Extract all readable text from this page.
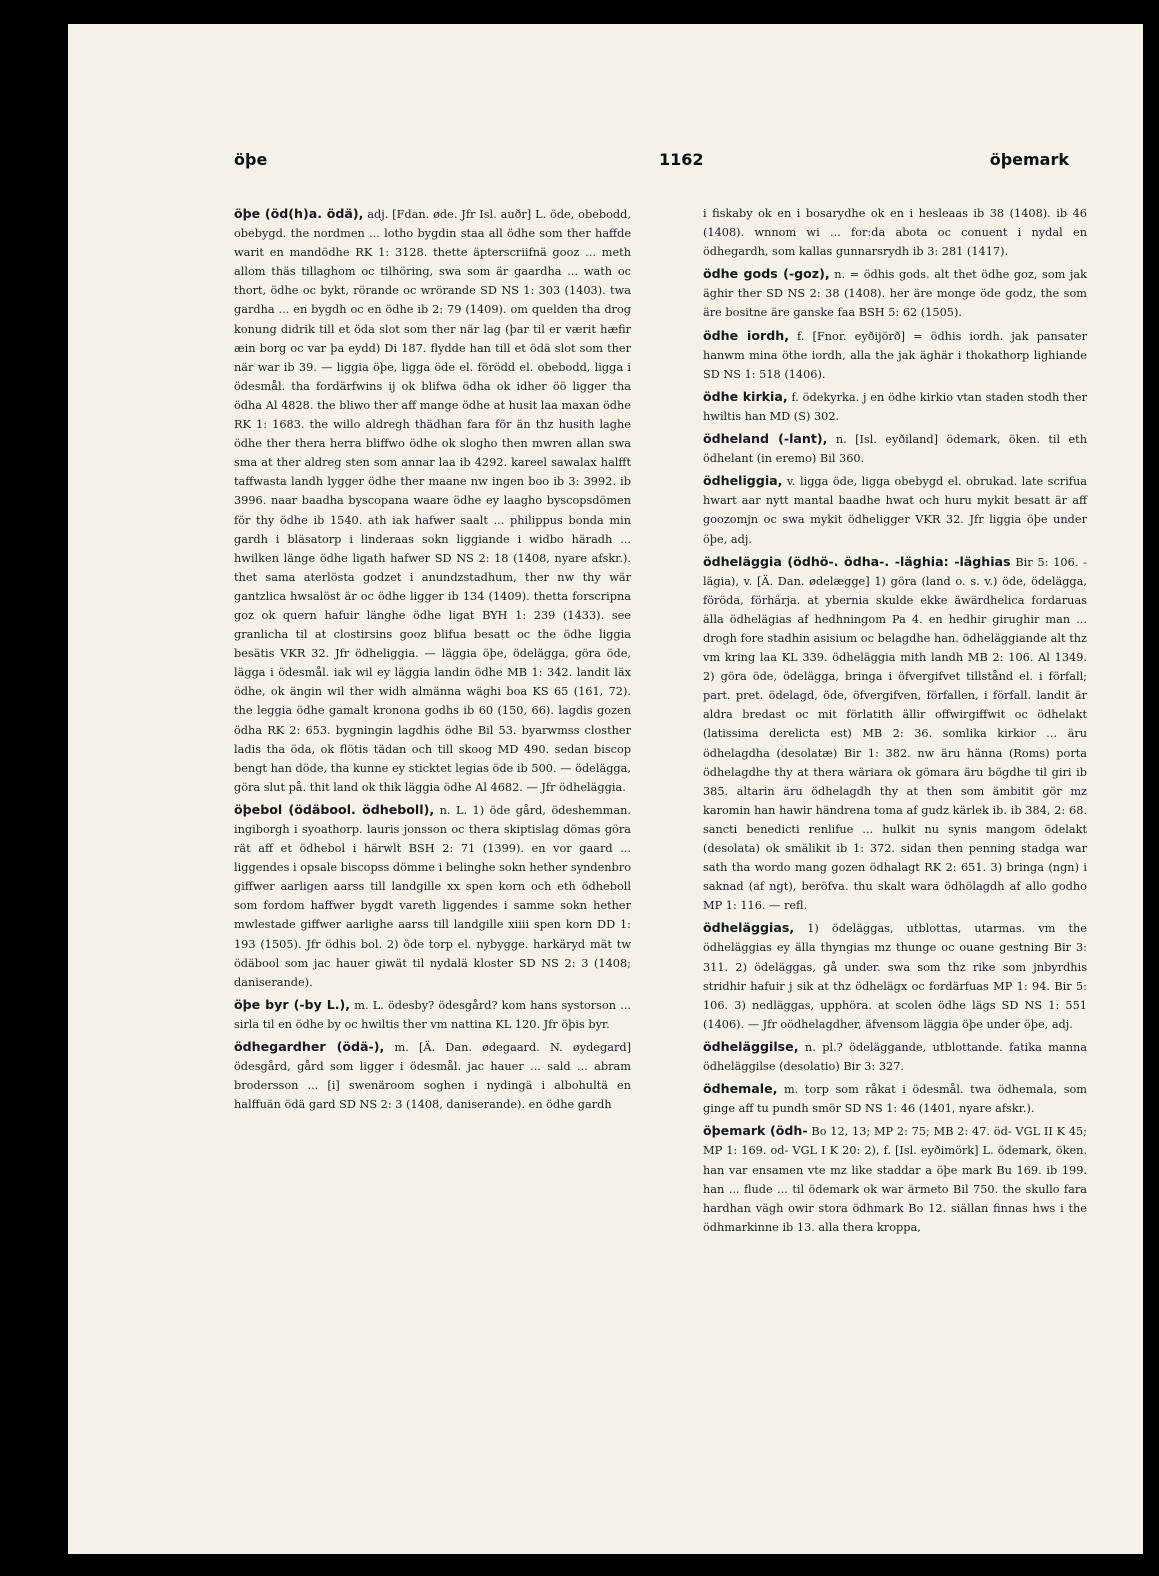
öþe	1162	öþemark

öþe (öd(h)a. ödä), adj. [Fdan. øde. Jfr Isl. auðr] L. öde, obebodd, obebygd. the nordmen ... lotho bygdin staa all ödhe som ther haffde warit en mandödhe RK 1: 3128. thette äpterscriifnä gooz ... meth allom thäs tillaghom oc tilhöring, swa som är gaardha ... wath oc thort, ödhe oc bykt, rörande oc wrörande SD NS 1: 303 (1403). twa gardha ... en bygdh oc en ödhe ib 2: 79 (1409). om quelden tha drog konung didrik till et öda slot som ther när lag (þar til er værit hæfir æin borg oc var þa eydd) Di 187. flydde han till et ödä slot som ther när war ib 39. — liggia öþe, ligga öde el. förödd el. obebodd, ligga i ödesmål. tha fordärfwins ij ok blifwa ödha ok idher öö ligger tha ödha Al 4828. the bliwo ther aff mange ödhe at husit laa maxan ödhe RK 1: 1683. the willo aldregh thädhan fara för än thz husith laghe ödhe ther thera herra bliffwo ödhe ok slogho then mwren allan swa sma at ther aldreg sten som annar laa ib 4292. kareel sawalax halfft taffwasta landh lygger ödhe ther maane nw ingen boo ib 3: 3992. ib 3996. naar baadha byscopana waare ödhe ey laagho byscopsdömen för thy ödhe ib 1540. ath iak hafwer saalt ... philippus bonda min gardh i bläsatorp i linderaas sokn liggiande i widbo häradh ... hwilken länge ödhe ligath hafwer SD NS 2: 18 (1408, nyare afskr.). thet sama aterlösta godzet i anundzstadhum, ther nw thy wär gantzlica hwsalöst är oc ödhe ligger ib 134 (1409). thetta forscripna goz ok quern hafuir länghe ödhe ligat BYH 1: 239 (1433). see granlicha til at clostirsins gooz blifua besatt oc the ödhe liggia besätis VKR 32. Jfr ödheliggia. — läggia öþe, ödelägga, göra öde, lägga i ödesmål. iak wil ey läggia landin ödhe MB 1: 342. landit läx ödhe, ok ängin wil ther widh almänna wäghi boa KS 65 (161, 72). the leggia ödhe gamalt kronona godhs ib 60 (150, 66). lagdis gozen ödha RK 2: 653. bygningin lagdhis ödhe Bil 53. byarwmss closther ladis tha öda, ok flötis tädan och till skoog MD 490. sedan biscop bengt han döde, tha kunne ey sticktet legias öde ib 500. — ödelägga, göra slut på. thit land ok thik läggia ödhe Al 4682. — Jfr ödheläggia.

öþebol (ödäbool. ödheboll), n. L. 1) öde gård, ödeshemman. ingiborgh i syoathorp. lauris jonsson oc thera skiptislag dömas göra rät aff et ödhebol i härwlt BSH 2: 71 (1399). en vor gaard ... liggendes i opsale biscopss dömme i belinghe sokn hether syndenbro giffwer aarligen aarss till landgille xx spen korn och eth ödheboll som fordom haffwer bygdt vareth liggendes i samme sokn hether mwlestade giffwer aarlighe aarss till landgille xiiii spen korn DD 1: 193 (1505). Jfr ödhis bol. 2) öde torp el. nybygge. harkäryd mät tw ödäbool som jac hauer giwät til nydalä kloster SD NS 2: 3 (1408; daniserande).

öþe byr (-by L.), m. L. ödesby? ödesgård? kom hans systorson ... sirla til en ödhe by oc hwiltis ther vm nattina KL 120. Jfr öþis byr.

ödhegardher (ödä-), m. [Ä. Dan. ødegaard. N. øydegard] ödesgård, gård som ligger i ödesmål. jac hauer ... sald ... abram brodersson ... [i] swenäroom soghen i nydingä i albohultä en halffuän ödä gard SD NS 2: 3 (1408, daniserande). en ödhe gardh

i fiskaby ok en i bosarydhe ok en i hesleaas ib 38 (1408). ib 46 (1408). wnnom wi ... for:da abota oc conuent i nydal en ödhegardh, som kallas gunnarsrydh ib 3: 281 (1417).

ödhe gods (-goz), n. = ödhis gods. alt thet ödhe goz, som jak äghir ther SD NS 2: 38 (1408). her äre monge öde godz, the som äre bositne äre ganske faa BSH 5: 62 (1505).

ödhe iordh, f. [Fnor. eyðijörð] = ödhis iordh. jak pansater hanwm mina öthe iordh, alla the jak äghär i thokathorp lighiande SD NS 1: 518 (1406).

ödhe kirkia, f. ödekyrka. j en ödhe kirkio vtan staden stodh ther hwiltis han MD (S) 302.

ödheland (-lant), n. [Isl. eyðiland] ödemark, öken. til eth ödhelant (in eremo) Bil 360.

ödheliggia, v. ligga öde, ligga obebygd el. obrukad. late scrifua hwart aar nytt mantal baadhe hwat och huru mykit besatt är aff goozomjn oc swa mykit ödheligger VKR 32. Jfr liggia öþe under öþe, adj.

ödheläggia (ödhö-. ödha-. -läghia: -läghias Bir 5: 106. -lägia), v. [Ä. Dan. ødelægge] 1) göra (land o. s. v.) öde, ödelägga, föröda, förhärja. at ybernia skulde ekke äwärdhelica fordaruas älla ödhelägias af hedhningom Pa 4. en hedhir girughir man ... drogh fore stadhin asisium oc belagdhe han. ödheläggiande alt thz vm kring laa KL 339. ödheläggia mith landh MB 2: 106. Al 1349. 2) göra öde, ödelägga, bringa i öfvergifvet tillstånd el. i förfall; part. pret. ödelagd, öde, öfvergifven, förfallen, i förfall. landit är aldra bredast oc mit förlatith ällir offwirgiffwit oc ödhelakt (latissima derelicta est) MB 2: 36. somlika kirkior ... äru ödhelagdha (desolatæ) Bir 1: 382. nw äru hänna (Roms) porta ödhelagdhe thy at thera wäriara ok gömara äru bögdhe til giri ib 385. altarin äru ödhelagdh thy at then som ämbitit gör mz karomin han hawir händrena toma af gudz kärlek ib. ib 384, 2: 68. sancti benedicti renlifue ... hulkit nu synis mangom ödelakt (desolata) ok smälikit ib 1: 372. sidan then penning stadga war sath tha wordo mang gozen ödhalagt RK 2: 651. 3) bringa (ngn) i saknad (af ngt), beröfva. thu skalt wara ödhölagdh af allo godho MP 1: 116. — refl.

ödheläggias, 1) ödeläggas, utblottas, utarmas. vm the ödheläggias ey älla thyngias mz thunge oc ouane gestning Bir 3: 311. 2) ödeläggas, gå under. swa som thz rike som jnbyrdhis stridhir hafuir j sik at thz ödhelägx oc fordärfuas MP 1: 94. Bir 5: 106. 3) nedläggas, upphöra. at scolen ödhe lägs SD NS 1: 551 (1406). — Jfr oödhelagdher, äfvensom läggia öþe under öþe, adj.

ödheläggilse, n. pl.? ödeläggande, utblottande. fatika manna ödheläggilse (desolatio) Bir 3: 327.

ödhemale, m. torp som råkat i ödesmål. twa ödhemala, som ginge aff tu pundh smör SD NS 1: 46 (1401, nyare afskr.).

öþemark (ödh- Bo 12, 13; MP 2: 75; MB 2: 47. öd- VGL II K 45; MP 1: 169. od- VGL I K 20: 2), f. [Isl. eyðimörk] L. ödemark, öken. han var ensamen vte mz like staddar a öþe mark Bu 169. ib 199. han ... flude ... til ödemark ok war ärmeto Bil 750. the skullo fara hardhan vägh owir stora ödhmark Bo 12. siällan finnas hws i the ödhmarkinne ib 13. alla thera kroppa,
